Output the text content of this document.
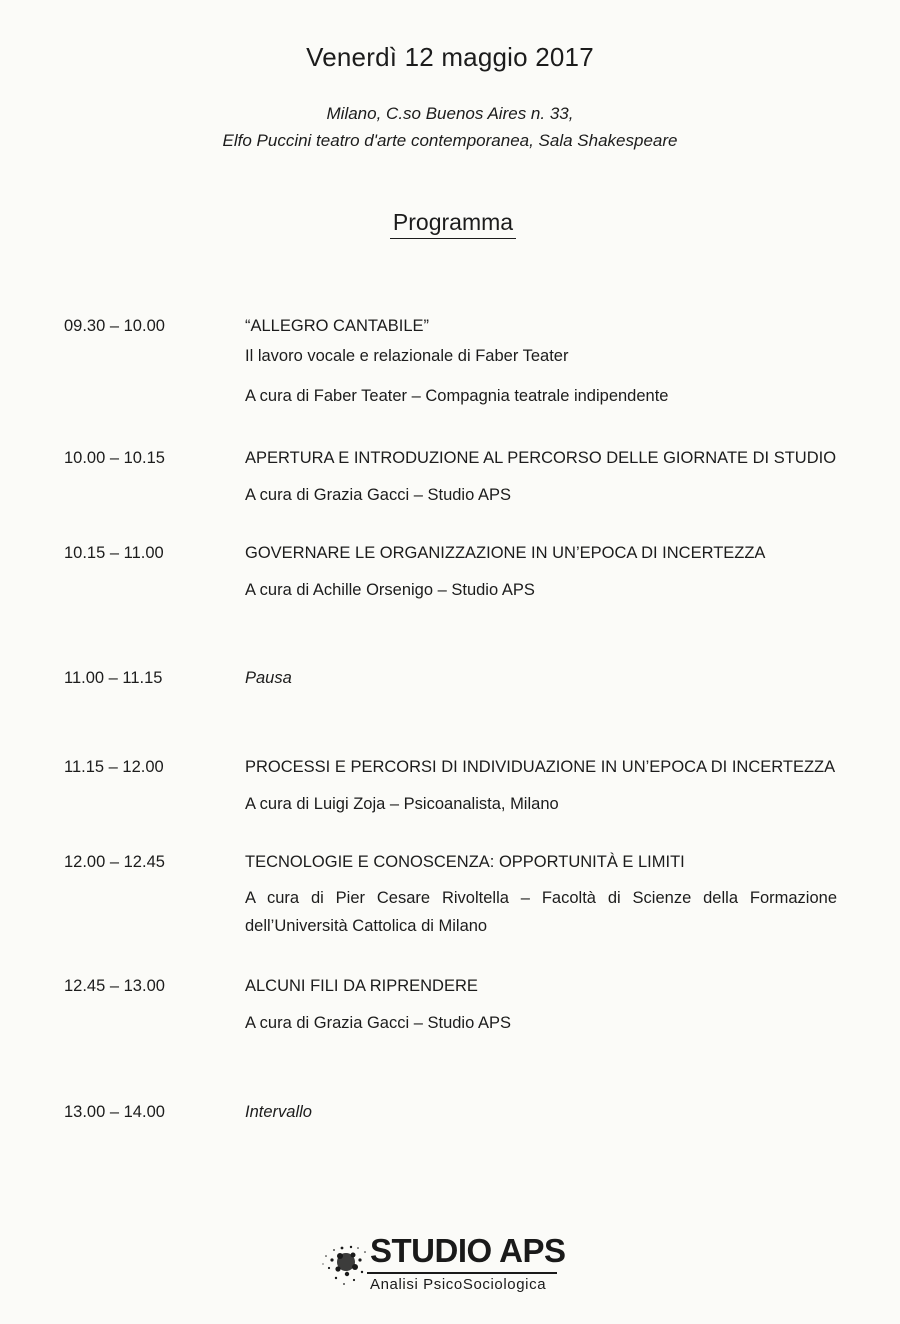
Venerdì 12 maggio 2017
Milano, C.so Buenos Aires n. 33,
Elfo Puccini teatro d'arte contemporanea, Sala Shakespeare
Programma
09.30 – 10.00	“ALLEGRO CANTABILE”
Il lavoro vocale e relazionale di Faber Teater
A cura di Faber Teater – Compagnia teatrale indipendente
10.00 – 10.15	APERTURA E INTRODUZIONE AL PERCORSO DELLE GIORNATE DI STUDIO
A cura di Grazia Gacci – Studio APS
10.15 – 11.00	GOVERNARE LE ORGANIZZAZIONE IN UN’EPOCA DI INCERTEZZA
A cura di Achille Orsenigo – Studio APS
11.00 – 11.15	Pausa
11.15 – 12.00	PROCESSI E PERCORSI DI INDIVIDUAZIONE IN UN’EPOCA DI INCERTEZZA
A cura di Luigi Zoja – Psicoanalista, Milano
12.00 – 12.45	TECNOLOGIE E CONOSCENZA: OPPORTUNITÀ E LIMITI
A cura di Pier Cesare Rivoltella – Facoltà di Scienze della Formazione dell’Università Cattolica di Milano
12.45 – 13.00	ALCUNI FILI DA RIPRENDERE
A cura di Grazia Gacci – Studio APS
13.00 – 14.00	Intervallo
STUDIO APS
Analisi PsicoSociologica
